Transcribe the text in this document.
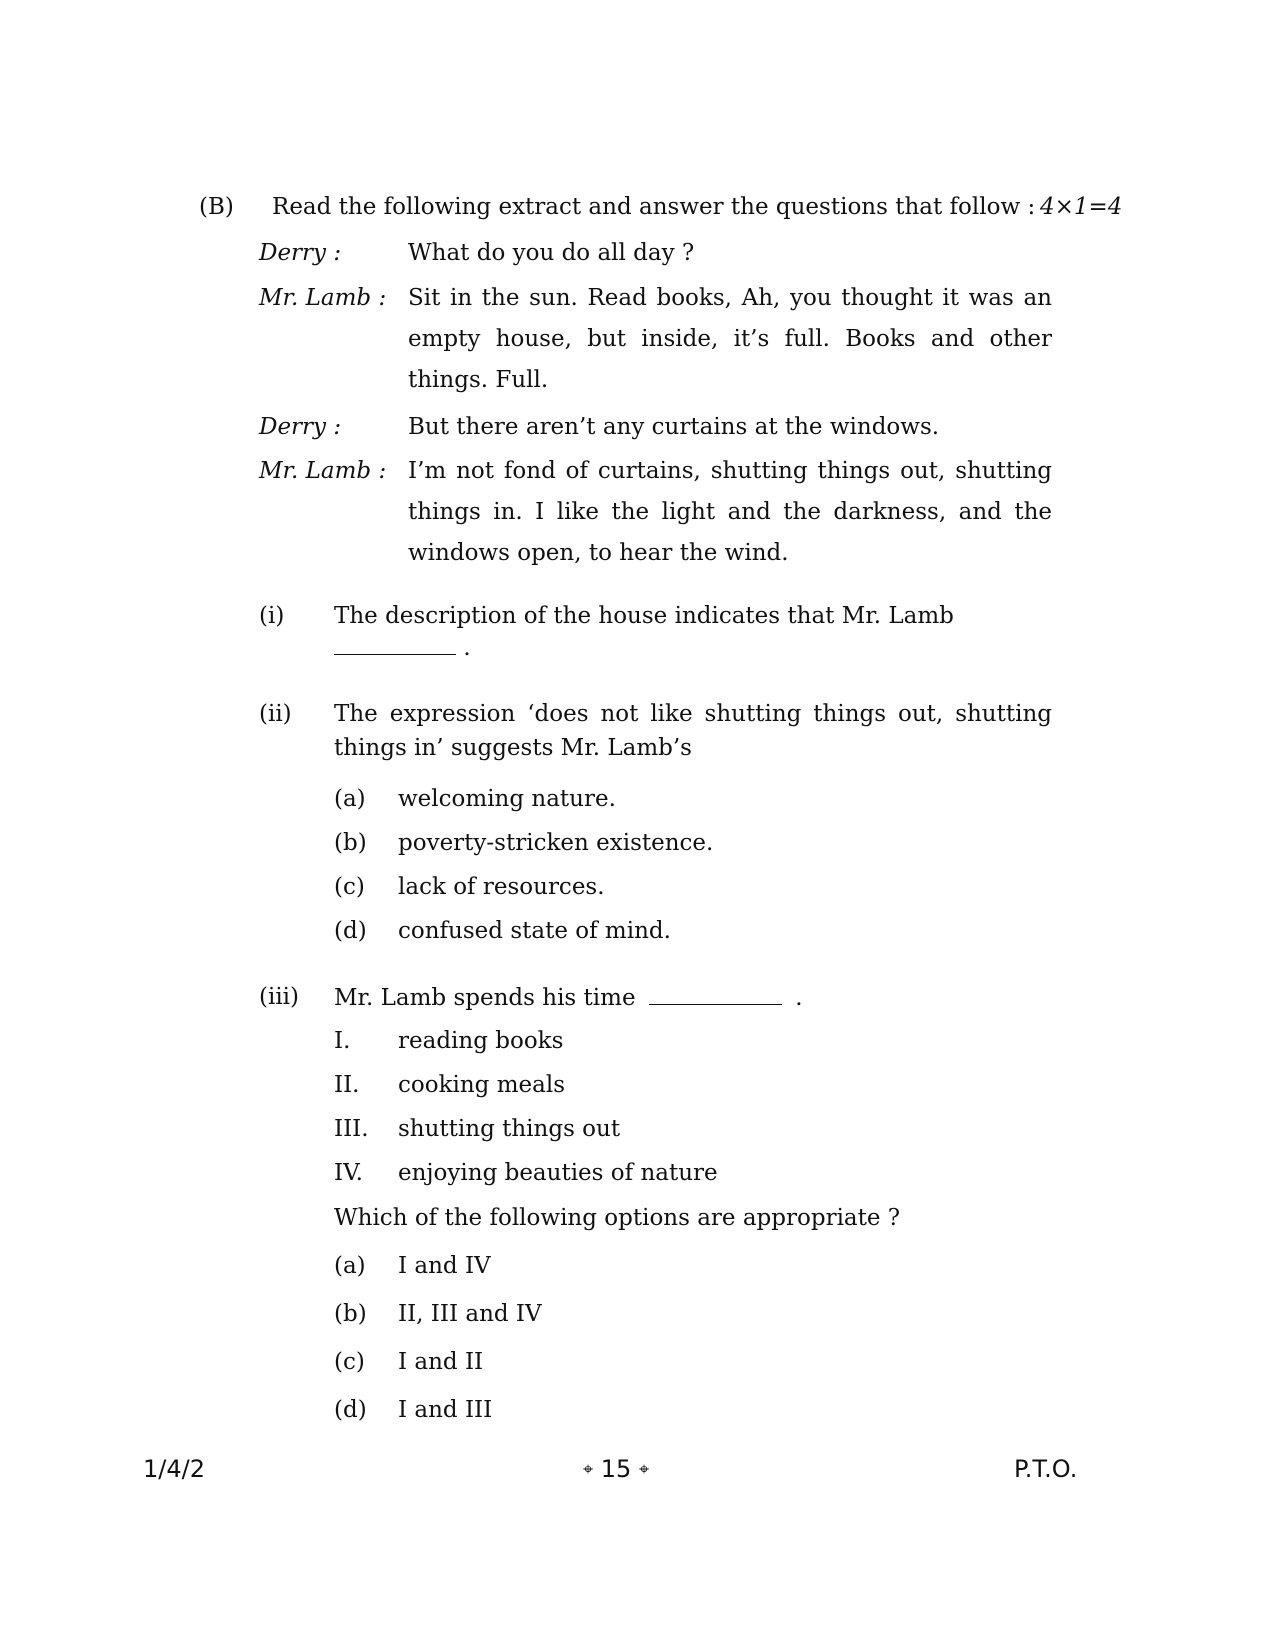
(B) Read the following extract and answer the questions that follow : 4×1=4
Derry :	What do you do all day ?
Mr. Lamb : Sit in the sun. Read books, Ah, you thought it was an empty house, but inside, it’s full. Books and other things. Full.
Derry :	But there aren’t any curtains at the windows.
Mr. Lamb : I’m not fond of curtains, shutting things out, shutting things in. I like the light and the darkness, and the windows open, to hear the wind.
(i) The description of the house indicates that Mr. Lamb
.
(ii) The expression ‘does not like shutting things out, shutting things in’ suggests Mr. Lamb’s
(a) welcoming nature.
(b) poverty-stricken existence.
(c) lack of resources.
(d) confused state of mind.
(iii) Mr. Lamb spends his time	.
I. reading books
II. cooking meals
III. shutting things out
IV. enjoying beauties of nature
Which of the following options are appropriate ?
(a) I and IV
(b) II, III and IV
(c) I and II
(d) I and III
1/4/2	⌖ 15 ⌖	P.T.O.
